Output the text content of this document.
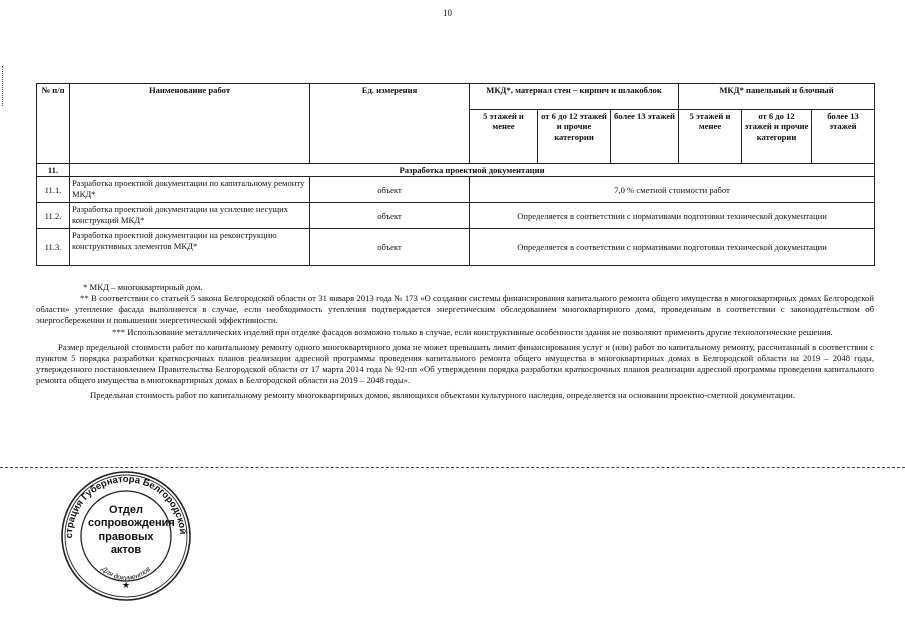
10
№ п/п	Наименование работ	Ед. измерения	МКД*, материал стен – кирпич и шлакоблок			МКД* панельный и блочный		
			5 этажей и менее	от 6 до 12 этажей и прочие категории	более 13 этажей	5 этажей и менее	от 6 до 12 этажей и прочие категории	более 13 этажей
11.	Разработка проектной документации							
11.1.	Разработка проектной документации по капитальному ремонту МКД*	объект	7,0 % сметной стоимости работ					
11.2.	Разработка проектной документации на усиление несущих конструкций МКД*	объект	Определяется в соответствии с нормативами подготовки технической документации					
11.3.	Разработка проектной документации на реконструкцию конструктивных элементов МКД*	объект	Определяется в соответствии с нормативами подготовки технической документации					

* МКД – многоквартирный дом.

** В соответствии со статьей 5 закона Белгородской области от 31 января 2013 года № 173 «О создании системы финансирования капитального ремонта общего имущества в многоквартирных домах Белгородской области» утепление фасада выполняется в случае, если необходимость утепления подтверждается энергетическим обследованием многоквартирного дома, проведенным в соответствии с законодательством об энергосбережении и повышении энергетической эффективности.

*** Использование металлических изделий при отделке фасадов возможно только в случае, если конструктивные особенности здания не позволяют применить другие технологические решения.

Размер предельной стоимости работ по капитальному ремонту одного многоквартирного дома не может превышать лимит финансирования услуг и (или) работ по капитальному ремонту, рассчитанный в соответствии с пунктом 5 порядка разработки краткосрочных планов реализации адресной программы проведения капитального ремонта общего имущества в многоквартирных домах в Белгородской области на 2019 – 2048 годы, утвержденного постановлением Правительства Белгородской области от 17 марта 2014 года № 92-пп «Об утверждении порядка разработки краткосрочных планов реализации адресной программы проведения капитального ремонта общего имущества в многоквартирных домах в Белгородской области на 2019 – 2048 годы».

Предельная стоимость работ по капитальному ремонту многоквартирных домов, являющихся объектами культурного наследия, определяется на основании проектно-сметной документации.

страция Губернатора Белгородской
Для документов
★
Отдел
сопровождения
правовых
актов
